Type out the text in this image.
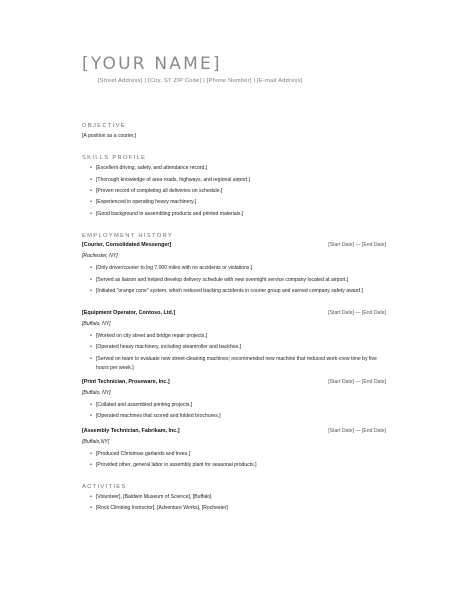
[YOUR NAME]
[Street Address] | [City, ST ZIP Code] | [Phone Number] | [E-mail Address]
OBJECTIVE
[A position as a courier.]
SKILLS PROFILE
• [Excellent driving, safety, and attendance record.]
• [Thorough knowledge of area roads, highways, and regional airport.]
• [Proven record of completing all deliveries on schedule.]
• [Experienced in operating heavy machinery.]
• [Good background in assembling products and printed materials.]
EMPLOYMENT HISTORY
[Courier, Consolidated Messenger]	[Start Date] — [End Date]
[Rochester, NY]
• [Only driver/courier to log 7,000 miles with no accidents or violations.]
• [Served as liaison and helped develop delivery schedule with new overnight service company located at airport.]
• [Initiated "orange cone" system, which reduced backing accidents in courier group and earned company safety award.]
[Equipment Operator, Contoso, Ltd.]	[Start Date] — [End Date]
[Buffalo, NY]
• [Worked on city street and bridge repair projects.]
• [Operated heavy machinery, including steamroller and backhoe.]
• [Served on team to evaluate new street-cleaning machines; recommended new machine that reduced work-crew time by five hours per week.]
[Print Technician, Proseware, Inc.]	[Start Date] — [End Date]
[Buffalo, NY]
• [Collated and assembled printing projects.]
• [Operated machines that scored and folded brochures.]
[Assembly Technician, Fabrikam, Inc.]	[Start Date] — [End Date]
[Buffalo,NY]
• [Produced Christmas garlands and trees.]
• [Provided other, general labor in assembly plant for seasonal products.]
ACTIVITIES
• [Volunteer], [Baldwin Museum of Science], [Buffalo]
• [Rock Climbing Instructor], [Adventure Works], [Rochester]
